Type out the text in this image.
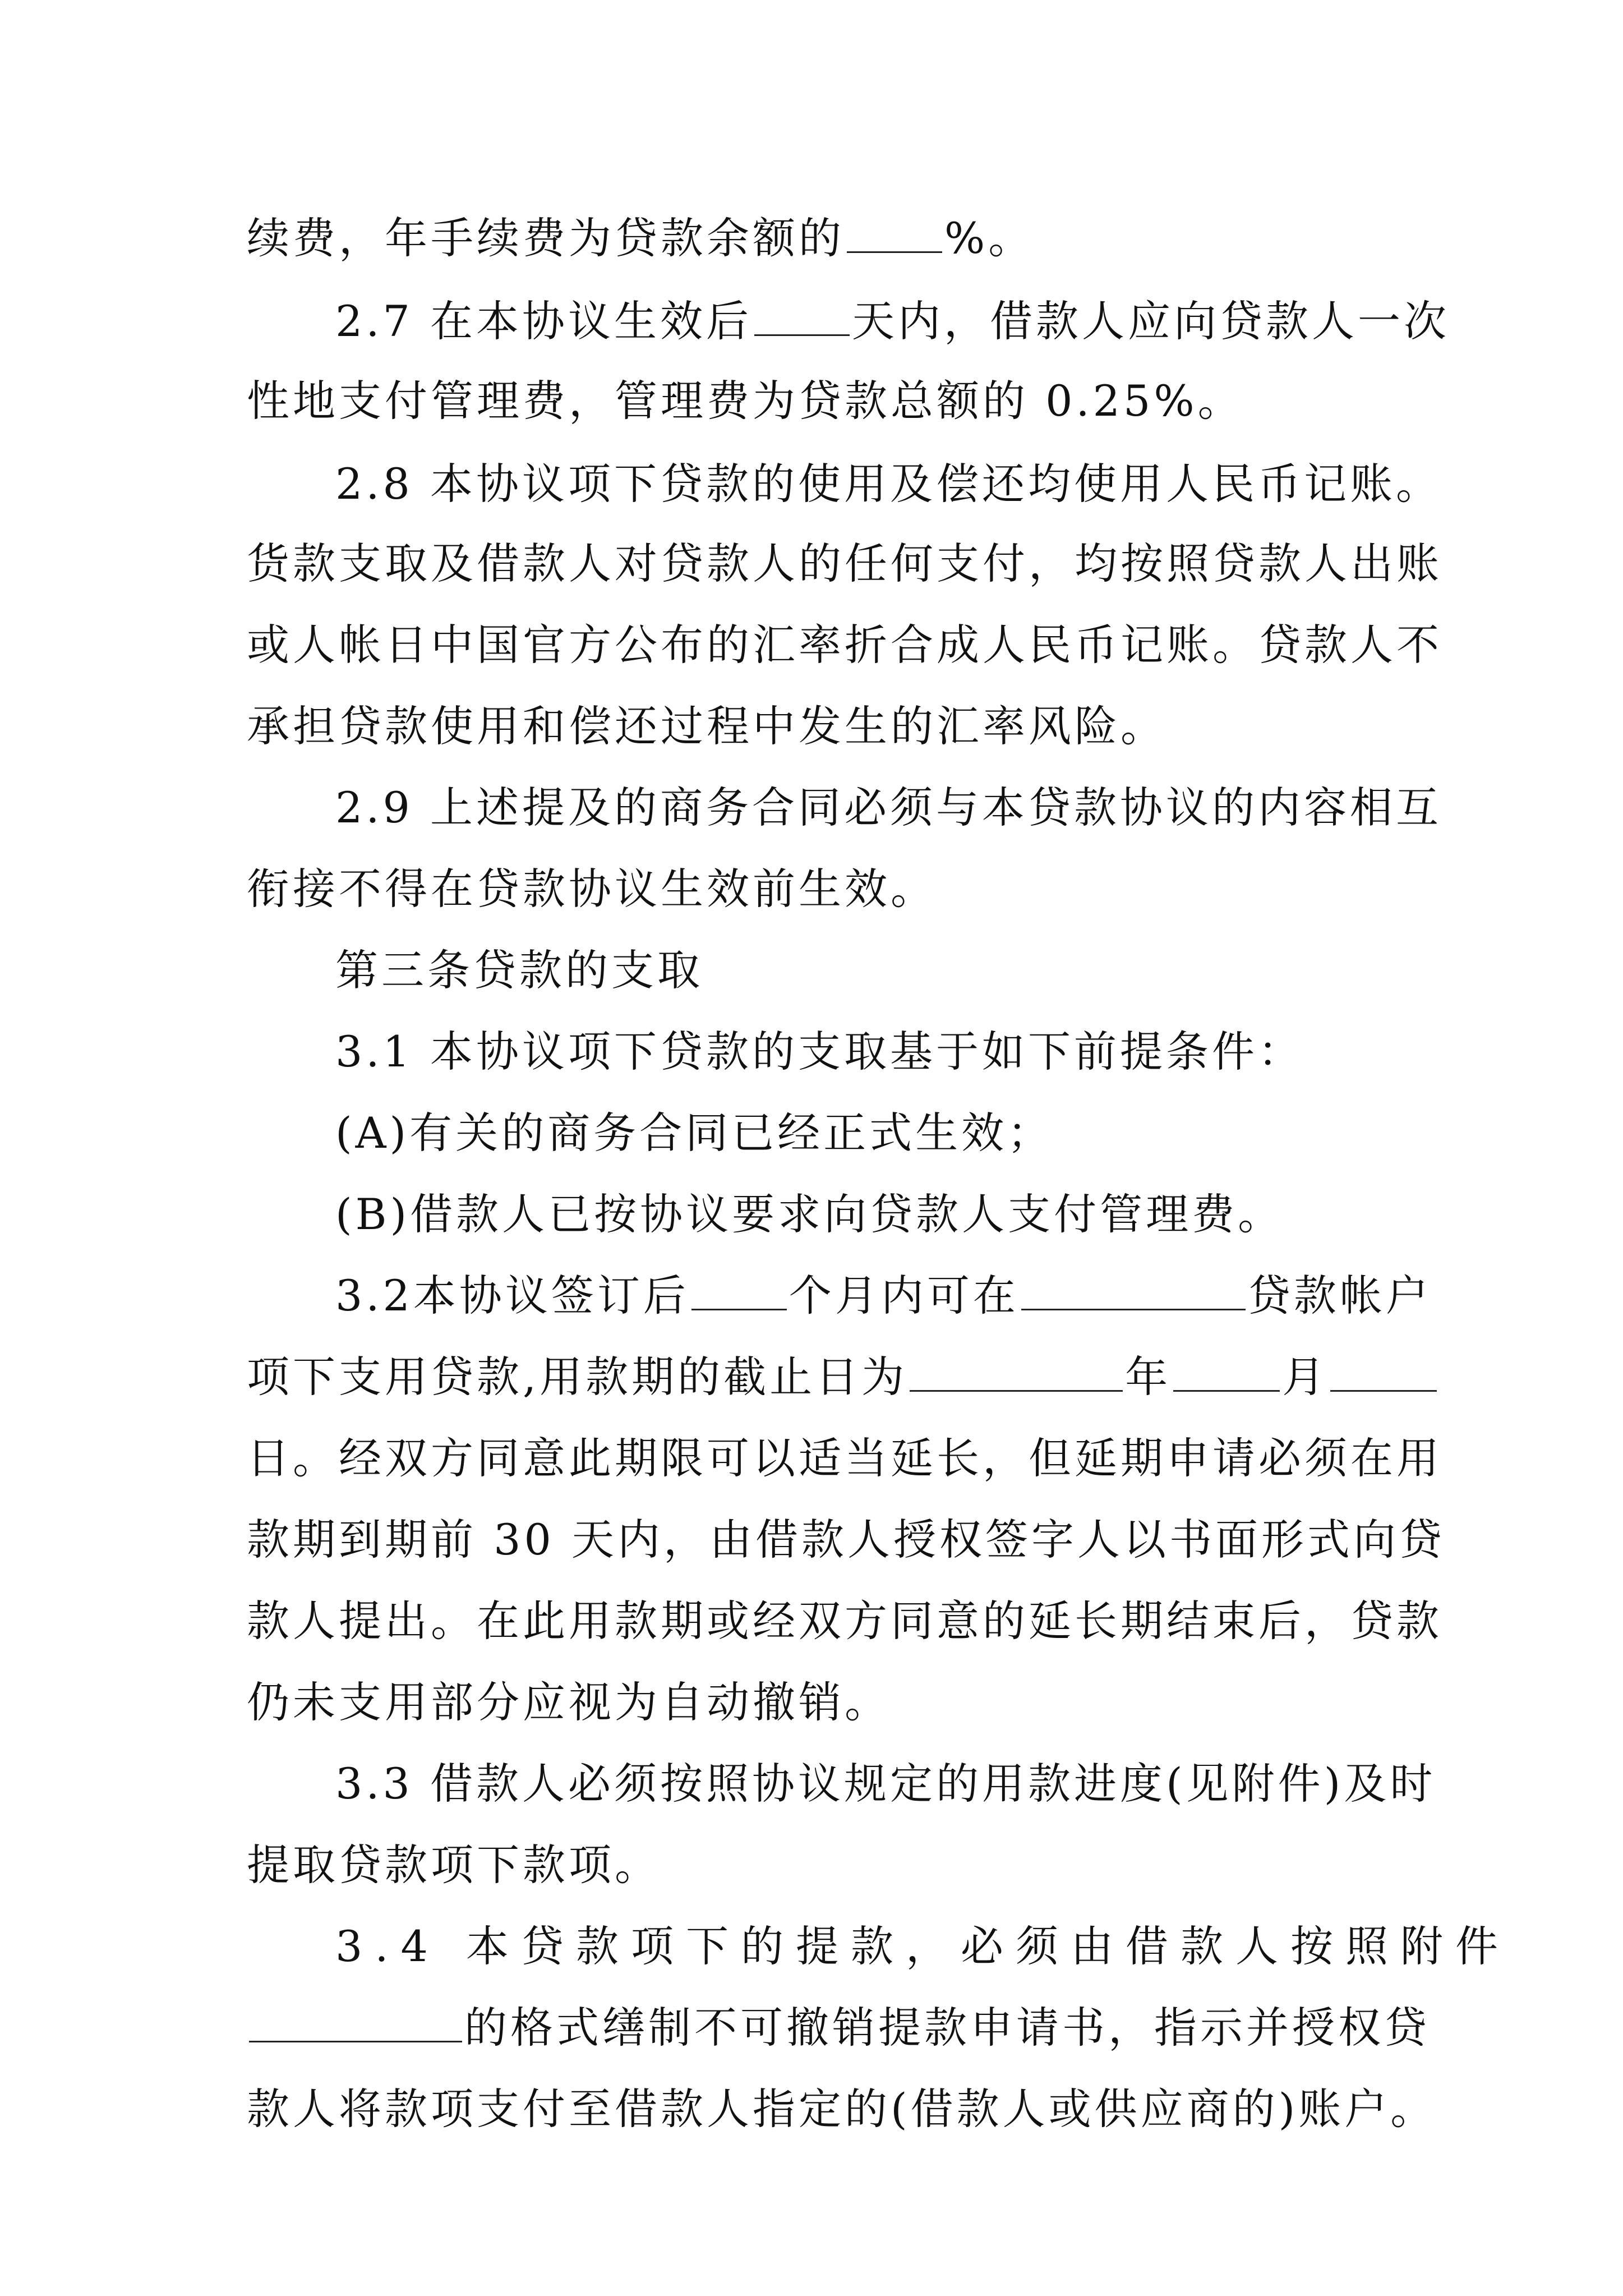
续费，年手续费为贷款余额的 %。
2.7 在本协议生效后 天内，借款人应向贷款人一次
性地支付管理费，管理费为贷款总额的 0.25%。
2.8 本协议项下贷款的使用及偿还均使用人民币记账。
货款支取及借款人对贷款人的任何支付，均按照贷款人出账
或人帐日中国官方公布的汇率折合成人民币记账。贷款人不
承担贷款使用和偿还过程中发生的汇率风险。
2.9 上述提及的商务合同必须与本贷款协议的内容相互
衔接不得在贷款协议生效前生效。
第三条贷款的支取
3.1 本协议项下贷款的支取基于如下前提条件：
(A)有关的商务合同已经正式生效；
(B)借款人已按协议要求向贷款人支付管理费。
3.2本协议签订后 个月内可在	贷款帐户
项下支用贷款,用款期的截止日为	年	月
日。经双方同意此期限可以适当延长，但延期申请必须在用
款期到期前 30 天内，由借款人授权签字人以书面形式向贷
款人提出。在此用款期或经双方同意的延长期结束后，贷款
仍未支用部分应视为自动撤销。
3.3 借款人必须按照协议规定的用款进度(见附件)及时
提取贷款项下款项。
3.4 本贷款项下的提款，必须由借款人按照附件
的格式缮制不可撤销提款申请书，指示并授权贷
款人将款项支付至借款人指定的(借款人或供应商的)账户。
